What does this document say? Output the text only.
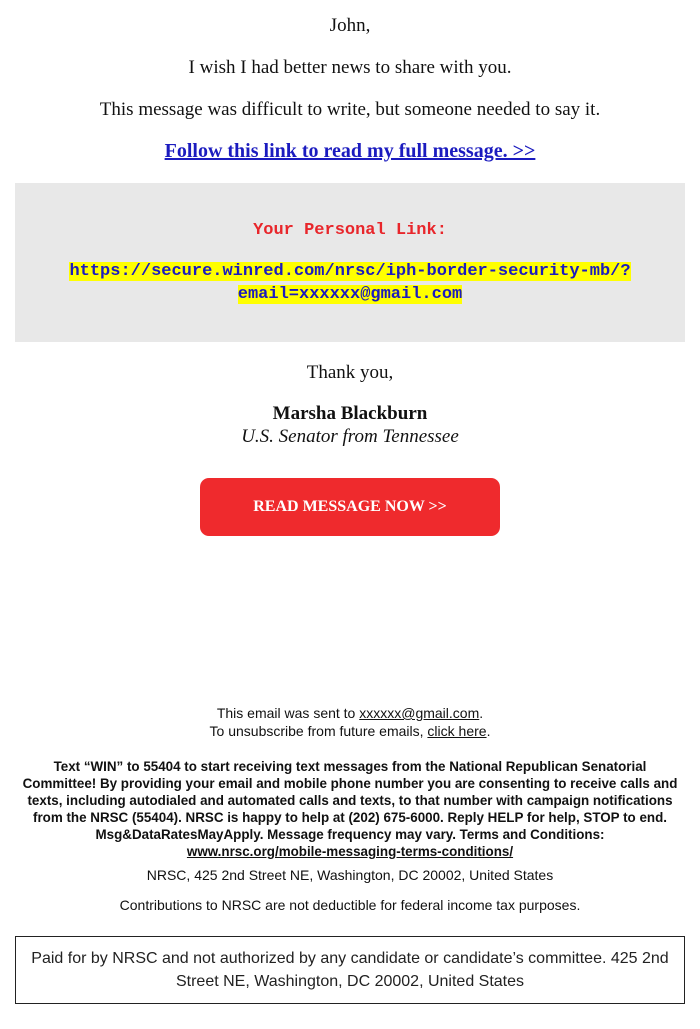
John,

I wish I had better news to share with you.

This message was difficult to write, but someone needed to say it.

Follow this link to read my full message. >>

Your Personal Link:
https://secure.winred.com/nrsc/iph-border-security-mb/?
email=xxxxxx@gmail.com

Thank you,

Marsha Blackburn

U.S. Senator from Tennessee

READ MESSAGE NOW >>
This email was sent to xxxxxx@gmail.com.
To unsubscribe from future emails, click here.
Text “WIN” to 55404 to start receiving text messages from the National Republican Senatorial Committee! By providing your email and mobile phone number you are consenting to receive calls and texts, including autodialed and automated calls and texts, to that number with campaign notifications from the NRSC (55404). NRSC is happy to help at (202) 675-6000. Reply HELP for help, STOP to end. Msg&DataRatesMayApply. Message frequency may vary. Terms and Conditions:
www.nrsc.org/mobile-messaging-terms-conditions/
NRSC, 425 2nd Street NE, Washington, DC 20002, United States
Contributions to NRSC are not deductible for federal income tax purposes.
Paid for by NRSC and not authorized by any candidate or candidate’s committee. 425 2nd Street NE, Washington, DC 20002, United States
